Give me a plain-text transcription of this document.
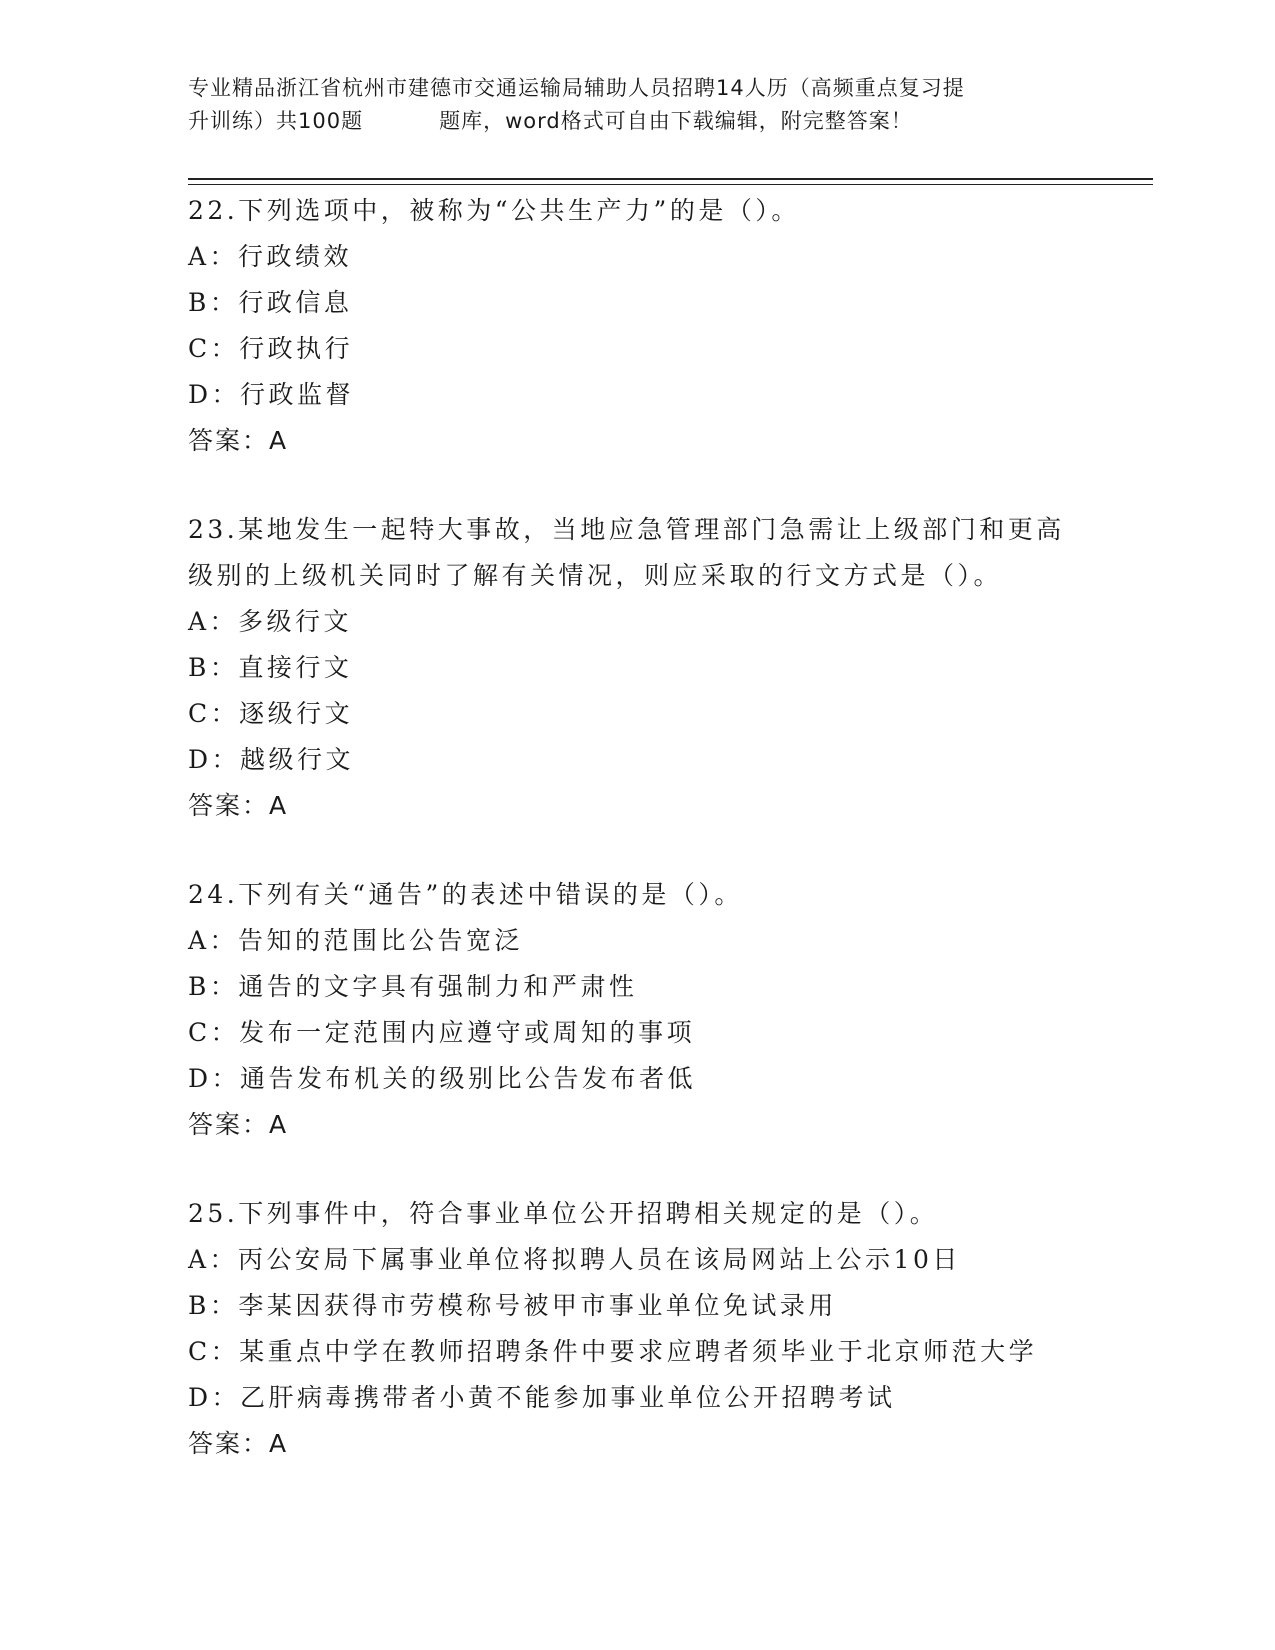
专业精品浙江省杭州市建德市交通运输局辅助人员招聘14人历（高频重点复习提
升训练）共100题	题库，word格式可自由下载编辑，附完整答案！
22.下列选项中，被称为“公共生产力”的是（）。
A：行政绩效
B：行政信息
C：行政执行
D：行政监督
答案：A
23.某地发生一起特大事故，当地应急管理部门急需让上级部门和更高
级别的上级机关同时了解有关情况，则应采取的行文方式是（）。
A：多级行文
B：直接行文
C：逐级行文
D：越级行文
答案：A
24.下列有关“通告”的表述中错误的是（）。
A：告知的范围比公告宽泛
B：通告的文字具有强制力和严肃性
C：发布一定范围内应遵守或周知的事项
D：通告发布机关的级别比公告发布者低
答案：A
25.下列事件中，符合事业单位公开招聘相关规定的是（）。
A：丙公安局下属事业单位将拟聘人员在该局网站上公示10日
B：李某因获得市劳模称号被甲市事业单位免试录用
C：某重点中学在教师招聘条件中要求应聘者须毕业于北京师范大学
D：乙肝病毒携带者小黄不能参加事业单位公开招聘考试
答案：A
